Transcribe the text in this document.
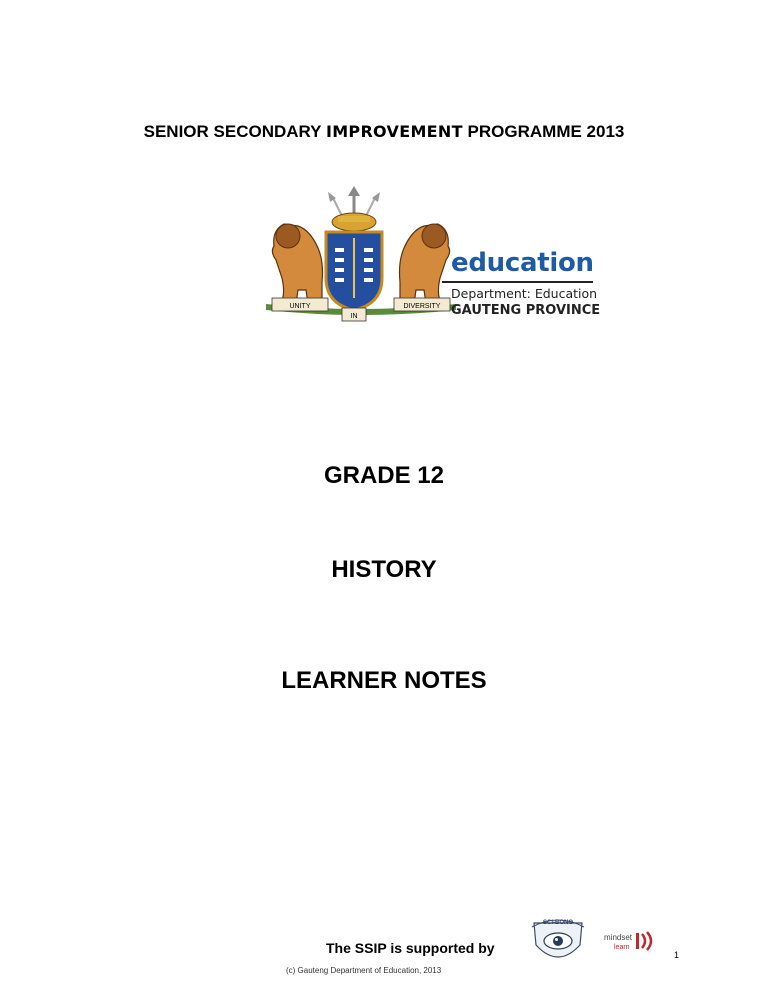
SENIOR SECONDARY IMPROVEMENT PROGRAMME 2013
UNITY
IN
DIVERSITY
education
Department: Education
GAUTENG PROVINCE
GRADE 12
HISTORY
LEARNER NOTES
The SSIP is supported by
(c) Gauteng Department of Education, 2013
1
SCI-BONO
mindset
learn
